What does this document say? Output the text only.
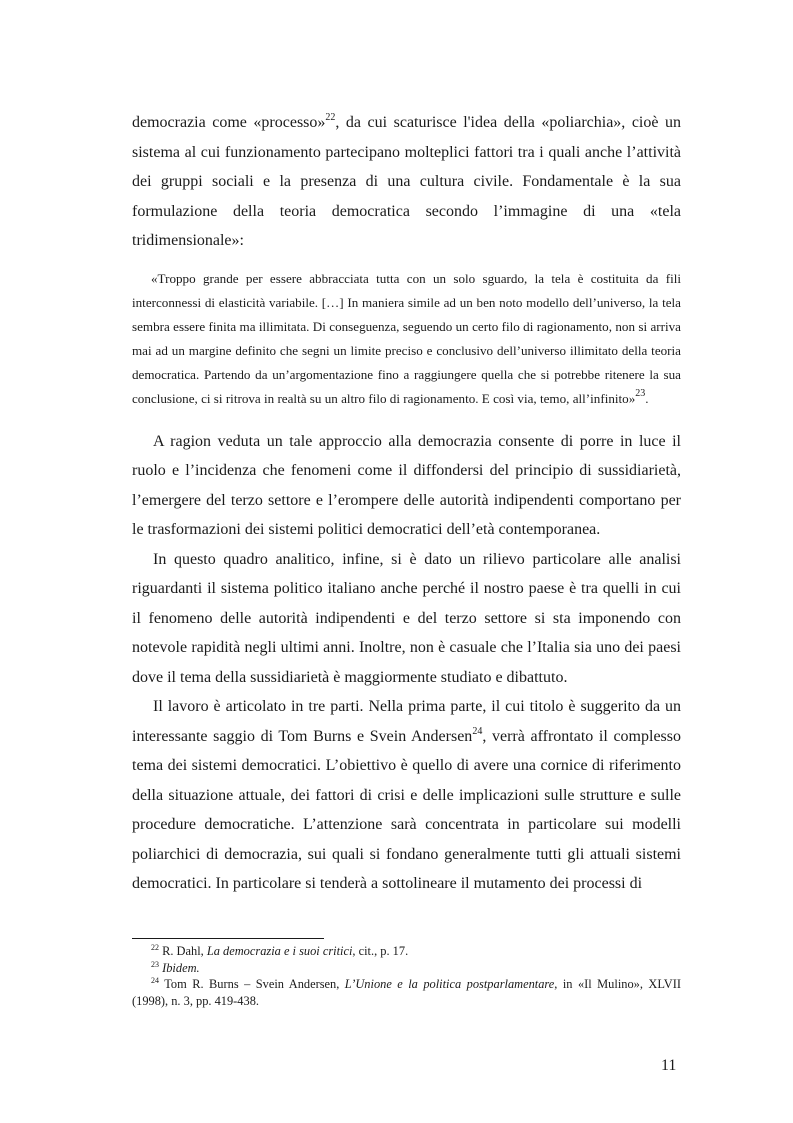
democrazia come «processo»$^{22}$, da cui scaturisce l'idea della «poliarchia», cioè un sistema al cui funzionamento partecipano molteplici fattori tra i quali anche l’attività dei gruppi sociali e la presenza di una cultura civile. Fondamentale è la sua formulazione della teoria democratica secondo l’immagine di una «tela tridimensionale»:

«Troppo grande per essere abbracciata tutta con un solo sguardo, la tela è costituita da fili interconnessi di elasticità variabile. […] In maniera simile ad un ben noto modello dell’universo, la tela sembra essere finita ma illimitata. Di conseguenza, seguendo un certo filo di ragionamento, non si arriva mai ad un margine definito che segni un limite preciso e conclusivo dell’universo illimitato della teoria democratica. Partendo da un’argomentazione fino a raggiungere quella che si potrebbe ritenere la sua conclusione, ci si ritrova in realtà su un altro filo di ragionamento. E così via, temo, all’infinito»$^{23}$.

A ragion veduta un tale approccio alla democrazia consente di porre in luce il ruolo e l’incidenza che fenomeni come il diffondersi del principio di sussidiarietà, l’emergere del terzo settore e l’erompere delle autorità indipendenti comportano per le trasformazioni dei sistemi politici democratici dell’età contemporanea.

In questo quadro analitico, infine, si è dato un rilievo particolare alle analisi riguardanti il sistema politico italiano anche perché il nostro paese è tra quelli in cui il fenomeno delle autorità indipendenti e del terzo settore si sta imponendo con notevole rapidità negli ultimi anni. Inoltre, non è casuale che l’Italia sia uno dei paesi dove il tema della sussidiarietà è maggiormente studiato e dibattuto.

Il lavoro è articolato in tre parti. Nella prima parte, il cui titolo è suggerito da un interessante saggio di Tom Burns e Svein Andersen$^{24}$, verrà affrontato il complesso tema dei sistemi democratici. L’obiettivo è quello di avere una cornice di riferimento della situazione attuale, dei fattori di crisi e delle implicazioni sulle strutture e sulle procedure democratiche. L’attenzione sarà concentrata in particolare sui modelli poliarchici di democrazia, sui quali si fondano generalmente tutti gli attuali sistemi democratici. In particolare si tenderà a sottolineare il mutamento dei processi di

$^{22}$ R. Dahl, La democrazia e i suoi critici, cit., p. 17.

$^{23}$ Ibidem.

$^{24}$ Tom R. Burns – Svein Andersen, L’Unione e la politica postparlamentare, in «Il Mulino», XLVII (1998), n. 3, pp. 419-438.

11
